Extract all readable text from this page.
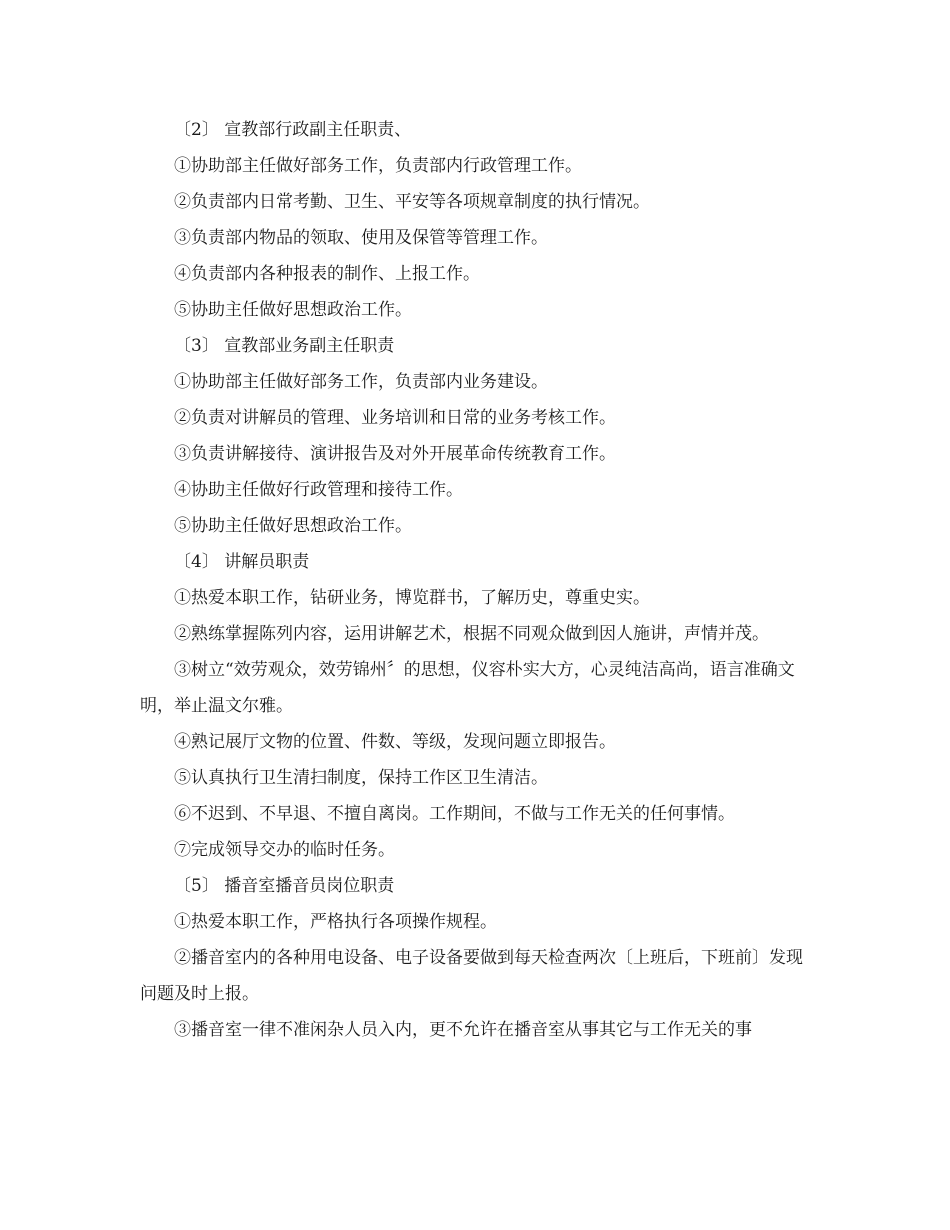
〔2〕 宣教部行政副主任职责、

①协助部主任做好部务工作，负责部内行政管理工作。

②负责部内日常考勤、卫生、平安等各项规章制度的执行情况。

③负责部内物品的领取、使用及保管等管理工作。

④负责部内各种报表的制作、上报工作。

⑤协助主任做好思想政治工作。

〔3〕 宣教部业务副主任职责

①协助部主任做好部务工作，负责部内业务建设。

②负责对讲解员的管理、业务培训和日常的业务考核工作。

③负责讲解接待、演讲报告及对外开展革命传统教育工作。

④协助主任做好行政管理和接待工作。

⑤协助主任做好思想政治工作。

〔4〕 讲解员职责

①热爱本职工作，钻研业务，博览群书，了解历史，尊重史实。

②熟练掌握陈列内容，运用讲解艺术，根据不同观众做到因人施讲，声情并茂。

③树立“效劳观众，效劳锦州〞的思想，仪容朴实大方，心灵纯洁高尚，语言准确文明，举止温文尔雅。

④熟记展厅文物的位置、件数、等级，发现问题立即报告。

⑤认真执行卫生清扫制度，保持工作区卫生清洁。

⑥不迟到、不早退、不擅自离岗。工作期间，不做与工作无关的任何事情。

⑦完成领导交办的临时任务。

〔5〕 播音室播音员岗位职责

①热爱本职工作，严格执行各项操作规程。

②播音室内的各种用电设备、电子设备要做到每天检查两次〔上班后，下班前〕发现问题及时上报。

③播音室一律不准闲杂人员入内，更不允许在播音室从事其它与工作无关的事
